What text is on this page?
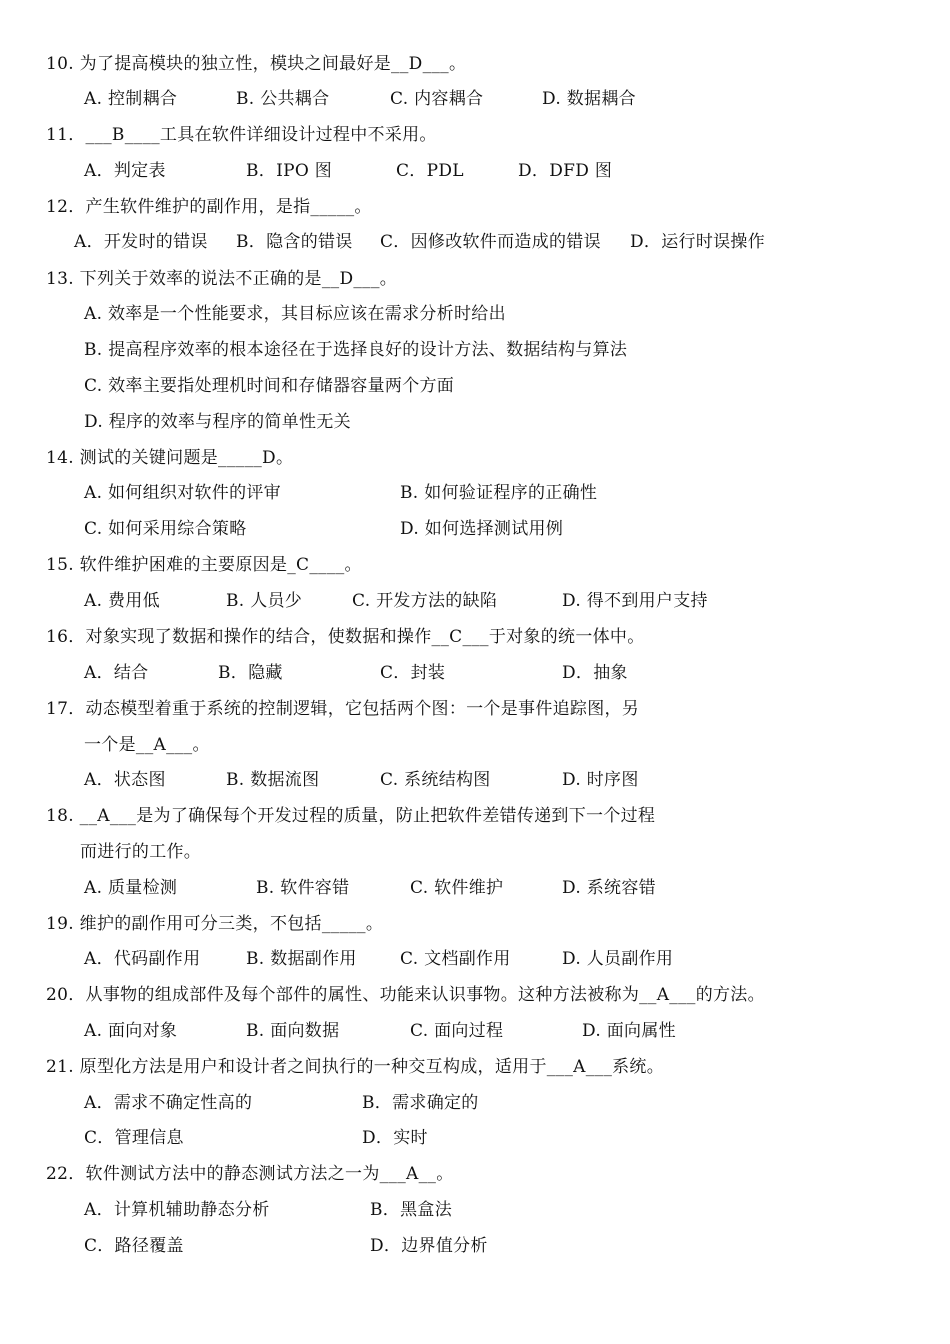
10. 为了提高模块的独立性，模块之间最好是__D___。
A. 控制耦合	B. 公共耦合	C. 内容耦合	D. 数据耦合
11．___B____工具在软件详细设计过程中不采用。
A．判定表	B．IPO 图	C．PDL	D．DFD 图
12．产生软件维护的副作用，是指_____。
A．开发时的错误 B．隐含的错误 C．因修改软件而造成的错误 D．运行时误操作
13. 下列关于效率的说法不正确的是__D___。
A. 效率是一个性能要求，其目标应该在需求分析时给出
B. 提高程序效率的根本途径在于选择良好的设计方法、数据结构与算法
C. 效率主要指处理机时间和存储器容量两个方面
D. 程序的效率与程序的简单性无关
14. 测试的关键问题是_____D。
A. 如何组织对软件的评审	B. 如何验证程序的正确性
C. 如何采用综合策略	D. 如何选择测试用例
15. 软件维护困难的主要原因是_C____。
A. 费用低	B. 人员少	C. 开发方法的缺陷	D. 得不到用户支持
16．对象实现了数据和操作的结合，使数据和操作__C___于对象的统一体中。
A．结合	B．隐藏	C．封装	D．抽象
17．动态模型着重于系统的控制逻辑，它包括两个图：一个是事件追踪图，另
一个是__A___。
A．状态图	B. 数据流图	C. 系统结构图	D. 时序图
18. __A___是为了确保每个开发过程的质量，防止把软件差错传递到下一个过程
而进行的工作。
A. 质量检测	B. 软件容错	C. 软件维护	D. 系统容错
19. 维护的副作用可分三类，不包括_____。
A．代码副作用	B. 数据副作用	C. 文档副作用	D. 人员副作用
20．从事物的组成部件及每个部件的属性、功能来认识事物。这种方法被称为__A___的方法。
A. 面向对象	B. 面向数据	C. 面向过程	D. 面向属性
21. 原型化方法是用户和设计者之间执行的一种交互构成，适用于___A___系统。
A．需求不确定性高的	B．需求确定的
C．管理信息	D．实时
22．软件测试方法中的静态测试方法之一为___A__。
A．计算机辅助静态分析	B．黑盒法
C．路径覆盖	D．边界值分析
